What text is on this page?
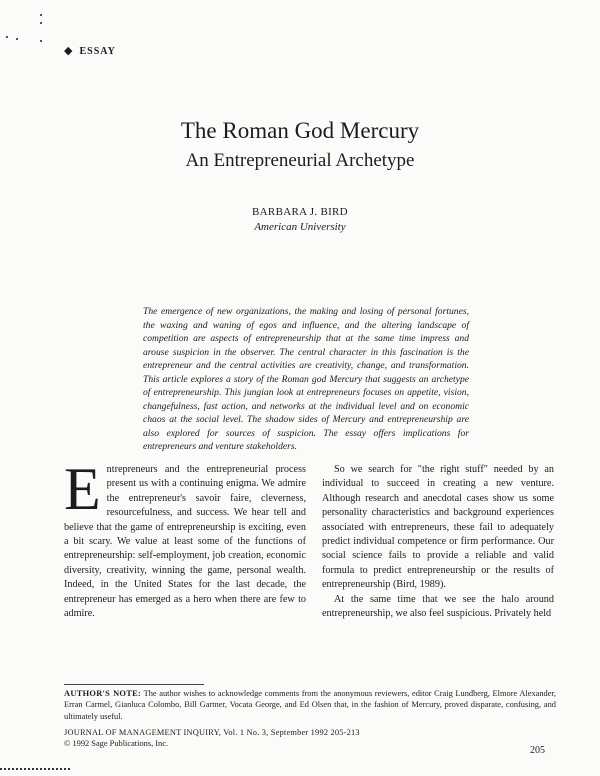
◆ ESSAY
The Roman God Mercury
An Entrepreneurial Archetype
BARBARA J. BIRD
American University
The emergence of new organizations, the making and losing of personal fortunes, the waxing and waning of egos and influence, and the altering landscape of competition are aspects of entrepreneurship that at the same time impress and arouse suspicion in the observer. The central character in this fascination is the entrepreneur and the central activities are creativity, change, and transformation. This article explores a story of the Roman god Mercury that suggests an archetype of entrepreneurship. This jungian look at entrepreneurs focuses on appetite, vision, changefulness, fast action, and networks at the individual level and on economic chaos at the social level. The shadow sides of Mercury and entrepreneurship are also explored for sources of suspicion. The essay offers implications for entrepreneurs and venture stakeholders.

Entrepreneurs and the entrepreneurial process present us with a continuing enigma. We admire the entrepreneur's savoir faire, cleverness, resourcefulness, and success. We hear tell and believe that the game of entrepreneurship is exciting, even a bit scary. We value at least some of the functions of entrepreneurship: self-employment, job creation, economic diversity, creativity, winning the game, personal wealth. Indeed, in the United States for the last decade, the entrepreneur has emerged as a hero when there are few to admire.

So we search for "the right stuff" needed by an individual to succeed in creating a new venture. Although research and anecdotal cases show us some personality characteristics and background experiences associated with entrepreneurs, these fail to adequately predict individual competence or firm performance. Our social science fails to provide a reliable and valid formula to predict entrepreneurship or the results of entrepreneurship (Bird, 1989).

At the same time that we see the halo around entrepreneurship, we also feel suspicious. Privately held

AUTHOR'S NOTE: The author wishes to acknowledge comments from the anonymous reviewers, editor Craig Lundberg, Elmore Alexander, Erran Carmel, Gianluca Colombo, Bill Gartner, Vocata George, and Ed Olsen that, in the fashion of Mercury, proved disparate, confusing, and ultimately useful.
JOURNAL OF MANAGEMENT INQUIRY, Vol. 1 No. 3, September 1992 205-213
© 1992 Sage Publications, Inc.
205
